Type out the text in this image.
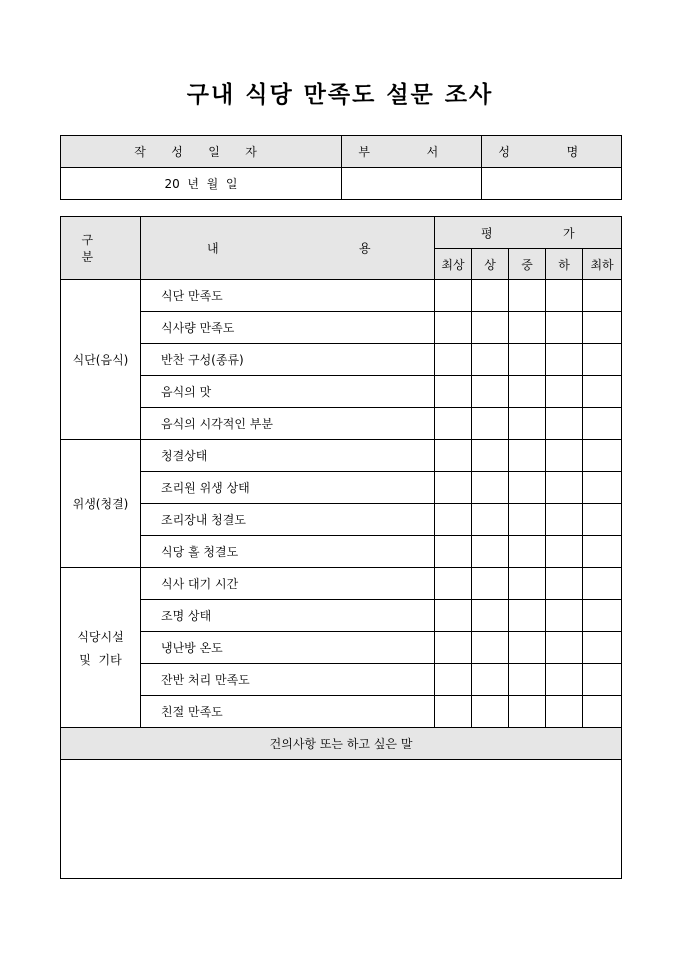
구내 식당 만족도 설문 조사
작 성 일 자	부 서	성 명
20  년  월  일		
구 분	내 용	평 가				

		최상	상	중	하	최하
식단(음식)	식단 만족도					
	식사량 만족도					
	반찬 구성(종류)					
	음식의 맛					
	음식의 시각적인 부분					
위생(청결)	청결상태					
	조리원 위생 상태					
	조리장내 청결도					
	식당 홀 청결도					

식당시설
및  기타	식사 대기 시간					
	조명 상태					
	냉난방 온도					
	잔반 처리 만족도					
	친절 만족도					
건의사항 또는 하고 싶은 말						
